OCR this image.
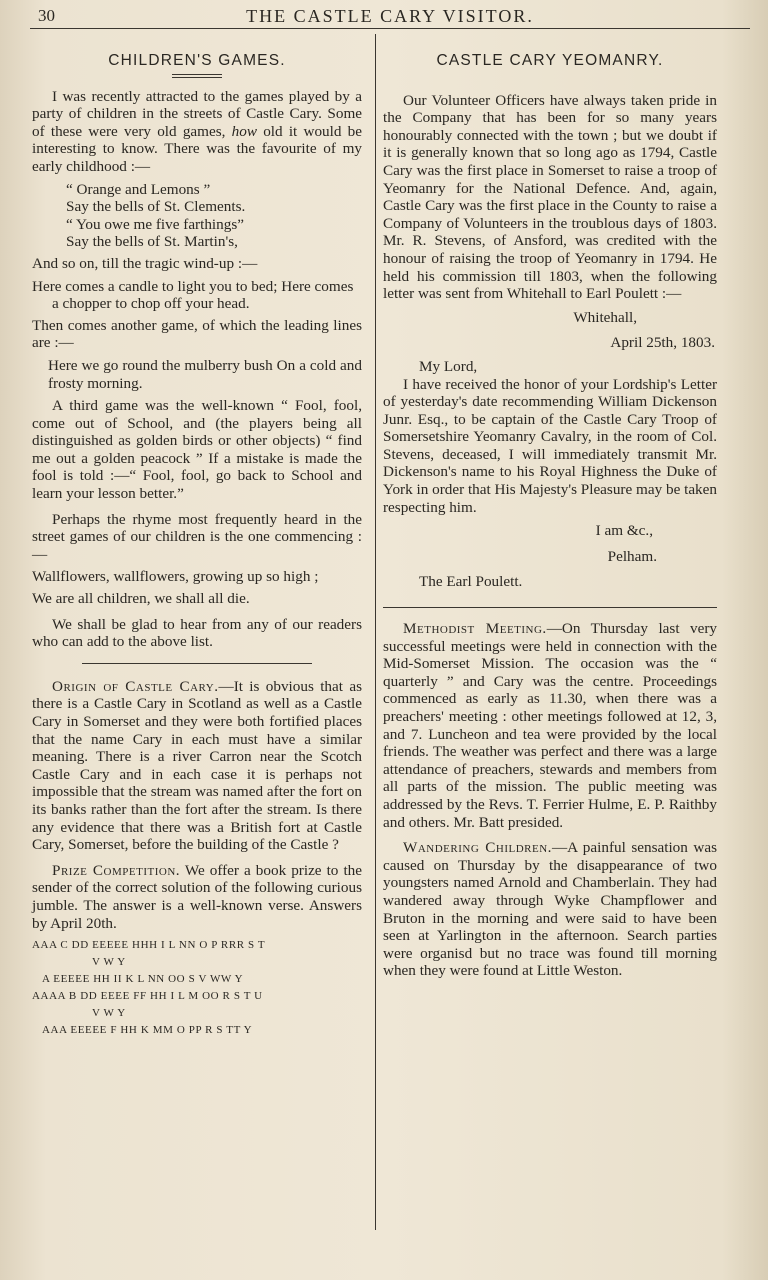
30	THE CASTLE CARY VISITOR.
CHILDREN'S GAMES.

I was recently attracted to the games played by a party of children in the streets of Castle Cary. Some of these were very old games, how old it would be interesting to know. There was the favourite of my early childhood :—

“ Orange and Lemons ”
Say the bells of St. Clements.
“ You owe me five farthings”
Say the bells of St. Martin's,

And so on, till the tragic wind-up :—

Here comes a candle to light you to bed; Here comes a chopper to chop off your head.

Then comes another game, of which the leading lines are :—

Here we go round the mulberry bush On a cold and frosty morning.

A third game was the well-known “ Fool, fool, come out of School, and (the players being all distinguished as golden birds or other objects) “ find me out a golden peacock ” If a mistake is made the fool is told :—“ Fool, fool, go back to School and learn your lesson better.”

Perhaps the rhyme most frequently heard in the street games of our children is the one commencing :—

Wallflowers, wallflowers, growing up so high ;

We are all children, we shall all die.

We shall be glad to hear from any of our readers who can add to the above list.

Origin of Castle Cary.—It is obvious that as there is a Castle Cary in Scotland as well as a Castle Cary in Somerset and they were both fortified places that the name Cary in each must have a similar meaning. There is a river Carron near the Scotch Castle Cary and in each case it is perhaps not impossible that the stream was named after the fort on its banks rather than the fort after the stream. Is there any evidence that there was a British fort at Castle Cary, Somerset, before the building of the Castle ?

Prize Competition. We offer a book prize to the sender of the correct solution of the following curious jumble. The answer is a well-known verse. Answers by April 20th.

AAA C DD EEEEE HHH I L NN O P RRR S T
V W Y
A EEEEE HH II K L NN OO S V WW Y
AAAA B DD EEEE FF HH I L M OO R S T U
V W Y
AAA EEEEE F HH K MM O PP R S TT Y
CASTLE CARY YEOMANRY.

Our Volunteer Officers have always taken pride in the Company that has been for so many years honourably connected with the town ; but we doubt if it is generally known that so long ago as 1794, Castle Cary was the first place in Somerset to raise a troop of Yeomanry for the National Defence. And, again, Castle Cary was the first place in the County to raise a Company of Volunteers in the troublous days of 1803. Mr. R. Stevens, of Ansford, was credited with the honour of raising the troop of Yeomanry in 1794. He held his commission till 1803, when the following letter was sent from Whitehall to Earl Poulett :—

Whitehall,

April 25th, 1803.

My Lord,

I have received the honor of your Lordship's Letter of yesterday's date recommending William Dickenson Junr. Esq., to be captain of the Castle Cary Troop of Somersetshire Yeomanry Cavalry, in the room of Col. Stevens, deceased, I will immediately transmit Mr. Dickenson's name to his Royal Highness the Duke of York in order that His Majesty's Pleasure may be taken respecting him.

I am &c.,

Pelham.

The Earl Poulett.

Methodist Meeting.—On Thursday last very successful meetings were held in connection with the Mid-Somerset Mission. The occasion was the “ quarterly ” and Cary was the centre. Proceedings commenced as early as 11.30, when there was a preachers' meeting : other meetings followed at 12, 3, and 7. Luncheon and tea were provided by the local friends. The weather was perfect and there was a large attendance of preachers, stewards and members from all parts of the mission. The public meeting was addressed by the Revs. T. Ferrier Hulme, E. P. Raithby and others. Mr. Batt presided.

Wandering Children.—A painful sensation was caused on Thursday by the disappearance of two youngsters named Arnold and Chamberlain. They had wandered away through Wyke Champflower and Bruton in the morning and were said to have been seen at Yarlington in the afternoon. Search parties were organisd but no trace was found till morning when they were found at Little Weston.
